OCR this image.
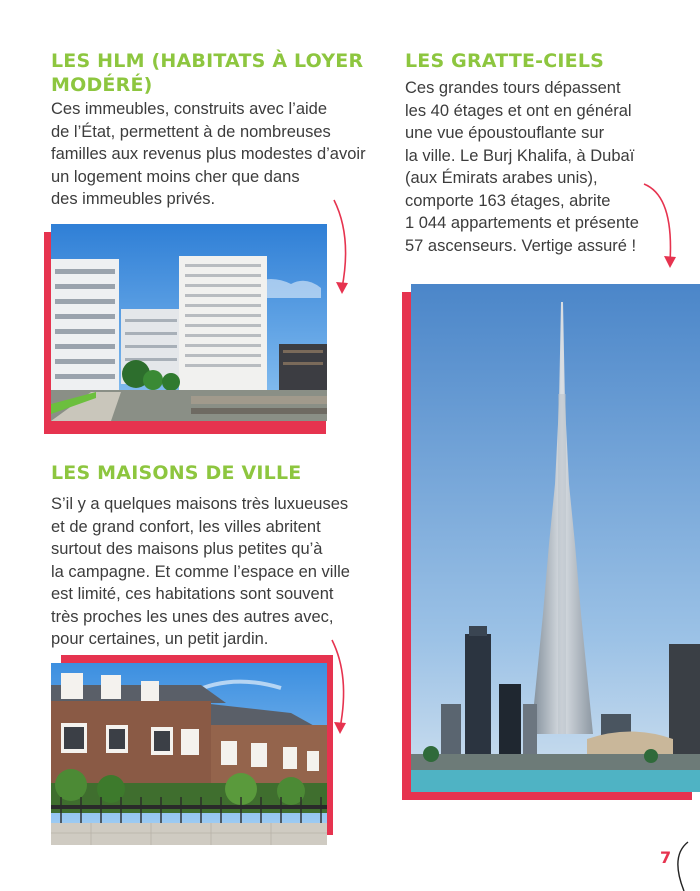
LES HLM (HABITATS À LOYER
MODÉRÉ)
Ces immeubles, construits avec l’aide
de l’État, permettent à de nombreuses
familles aux revenus plus modestes d’avoir
un logement moins cher que dans
des immeubles privés.
LES GRATTE-CIELS
Ces grandes tours dépassent
les 40 étages et ont en général
une vue époustouflante sur
la ville. Le Burj Khalifa, à Dubaï
(aux Émirats arabes unis),
comporte 163 étages, abrite
1 044 appartements et présente
57 ascenseurs. Vertige assuré !
LES MAISONS DE VILLE
S’il y a quelques maisons très luxueuses
et de grand confort, les villes abritent
surtout des maisons plus petites qu’à
la campagne. Et comme l’espace en ville
est limité, ces habitations sont souvent
très proches les unes des autres avec,
pour certaines, un petit jardin.
7
